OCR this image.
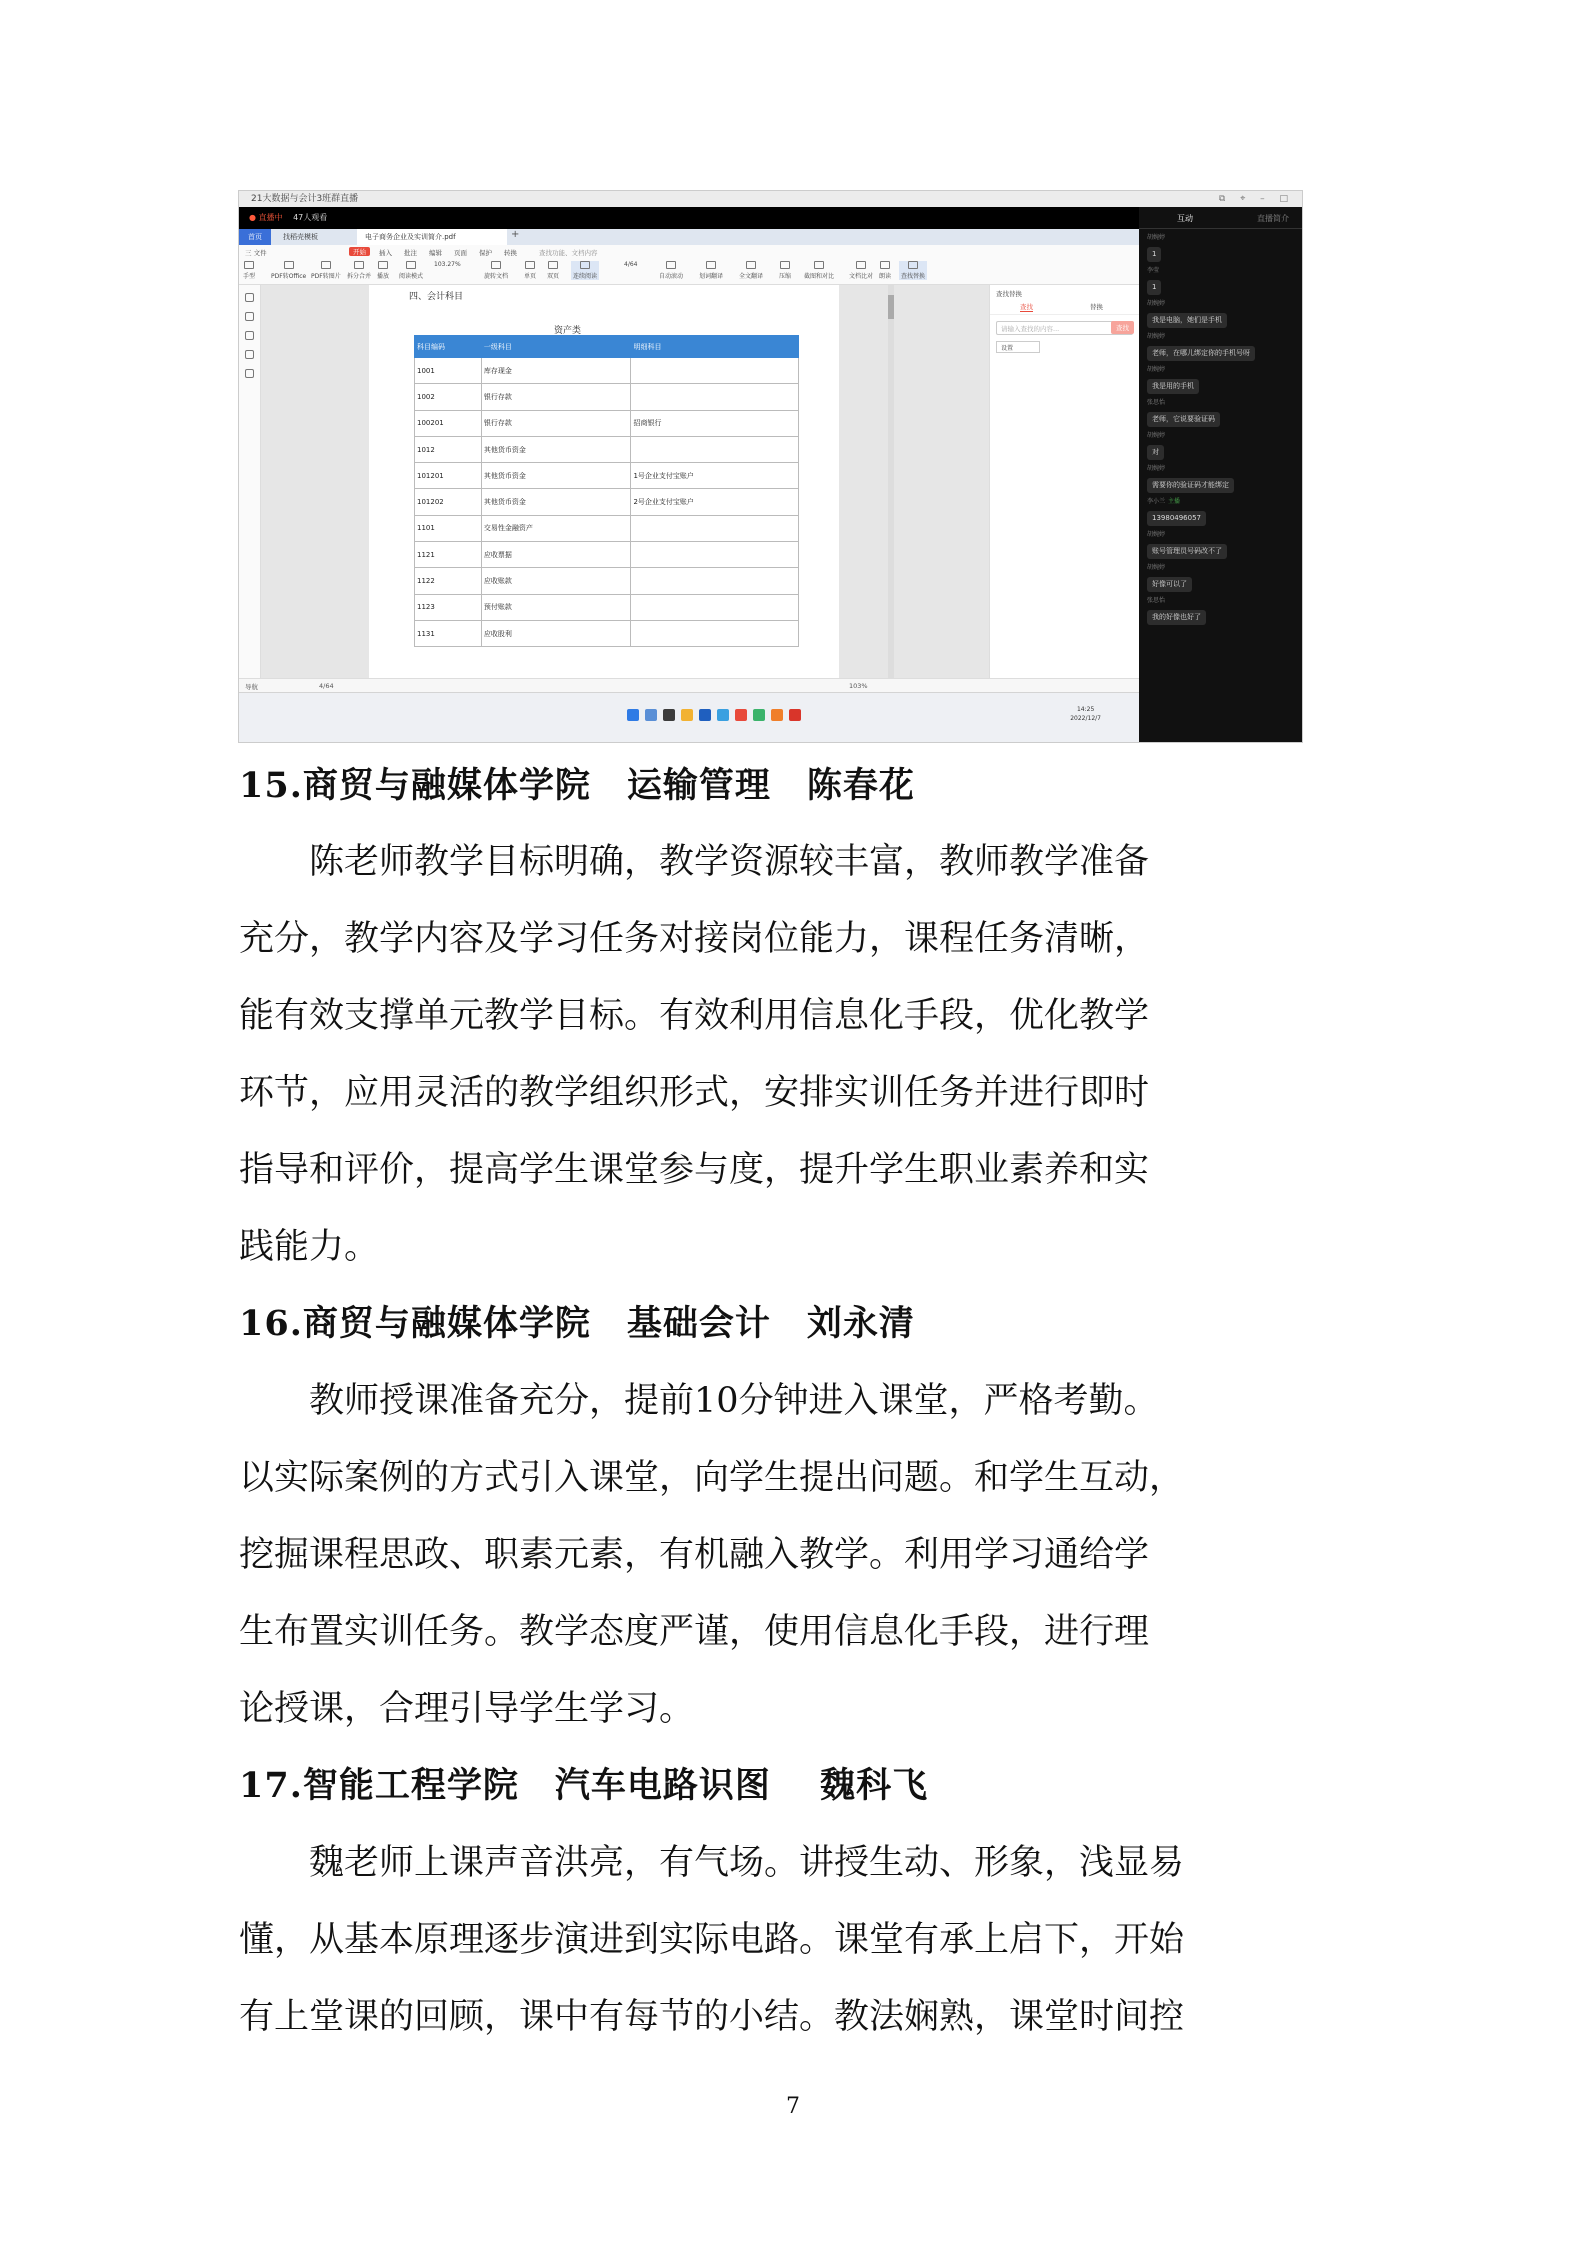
21大数据与会计3班群直播	⧉ ⌖ – □
● 直播中 47人观看
首页	找稻壳模板	电子商务企业及实训简介.pdf	+
三 文件	开始	插入 批注 编辑 页面 保护 转换	查找功能、文档内容
手型	PDF转Office PDF转图片 拆分合并 播放 阅读模式
103.27%
旋转文档	单页 双页	连续阅读
4/64
自动滚动	划词翻译	全文翻译	压缩 截图和对比 文档比对 朗读	查找替换
四、会计科目
资产类
科目编码	一级科目	明细科目
1001	库存现金	
1002	银行存款	
100201	银行存款	招商银行
1012	其他货币资金	
101201	其他货币资金	1号企业支付宝账户
101202	其他货币资金	2号企业支付宝账户
1101	交易性金融资产	
1121	应收票据	
1122	应收账款	
1123	预付账款	
1131	应收股利	
查找替换
查找	替换
请输入查找的内容...	查找
设置
导航	4/64	103%
14:25
2022/12/7
互动	直播简介
胡婉婷
1
李莹
1
胡婉婷
我是电脑，她们是手机
胡婉婷
老师，在哪儿绑定你的手机号呀
胡婉婷
我是用的手机
张思怡
老师，它说要验证码
胡婉婷
对
胡婉婷
需要你的验证码才能绑定
李小兰 主播
13980496057
胡婉婷
账号管理员号码改不了
胡婉婷
好像可以了
张思怡
我的好像也好了
15.商贸与融媒体学院　运输管理　陈春花
　　陈老师教学目标明确，教学资源较丰富，教师教学准备
充分，教学内容及学习任务对接岗位能力，课程任务清晰，
能有效支撑单元教学目标。有效利用信息化手段，优化教学
环节，应用灵活的教学组织形式，安排实训任务并进行即时
指导和评价，提高学生课堂参与度，提升学生职业素养和实
践能力。
16.商贸与融媒体学院　基础会计　刘永清
　　教师授课准备充分，提前10分钟进入课堂，严格考勤。
以实际案例的方式引入课堂，向学生提出问题。和学生互动，
挖掘课程思政、职素元素，有机融入教学。利用学习通给学
生布置实训任务。教学态度严谨，使用信息化手段，进行理
论授课，合理引导学生学习。
17.智能工程学院　汽车电路识图　 魏科飞
　　魏老师上课声音洪亮，有气场。讲授生动、形象，浅显易
懂，从基本原理逐步演进到实际电路。课堂有承上启下，开始
有上堂课的回顾，课中有每节的小结。教法娴熟，课堂时间控
7
